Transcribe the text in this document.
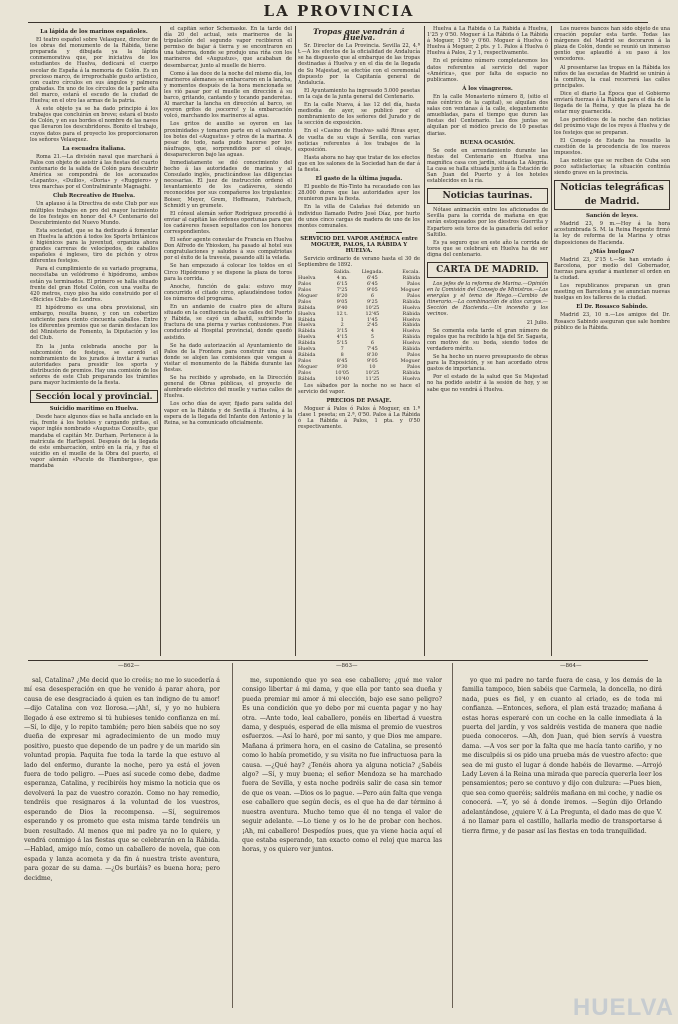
LA PROVINCIA
La lápida de los marinos españoles.

El teatro español sobre Velasquez, director de los obras del monumento de la Rábida, tiene preparada y dibujada ya la lápida conmemorativa que, por iniciativa de los estudiantes de Huelva, dedicará el cuerpo escolar de España á la memoria de Colón. Es un precioso marco, de irreprochable gusto artístico, con cuatro círculos en sus ángulos y palmera grabadas. En uno de los círculos de la parte alta del marco, estará el escudo de la ciudad de Huelva; en el otro las armas de la patria.

Á este objeto ya se ha dado principio á los trabajos que concluirán en breve; estará el busto de Colón, y en sus bordes el nombre de las naves que llevaron los descubridores. Bonito el trabajo, cuyos datos para el proyecto los proporcionaron los señores Velasquez.

La escuadra italiana.

Roma 21.—La división naval que marchará á Palos con objeto de asistir á las fiestas del cuarto centenario de la salida de Colón para descubrir América se compondrá de los acorazados «Lepanto», «Duilio», «Doria» y «Ruggiero» y tres marchas por el Contralmirante Magnaghi.

Club Recreativo de Huelva.

Un aplauso á la Directiva de este Club por sus múltiples trabajos en pro del mayor lucimiento de los festejos en honor del 4.º Centenario del Descubrimiento del Nuevo Mundo.

Esta sociedad, que se ha dedicado á fomentar en Huelva la afición á todos los Sports británicos é higiénicos para la juventud, organiza ahora grandes carreras de velocípedos, de caballos españoles é ingleses, tiro de pichón y otros diferentes festejos.

Para el cumplimiento de su variado programa, necesitaba un velódromo é hipódromo, ambos están ya terminados. El primero se halla situado frente del gran Hotel Colón, con una vuelta de 420 metros, cuyo piso ha sido construido por el «Bicicles Club» de Londres.

El hipódromo es una obra provisional, sin embargo, resulta bueno, y con un cobertizo suficiente para ciento cincuenta caballos. Entre los diferentes premios que se darán destacan los del Ministerio de Fomento, la Diputación y los del Club.

En la junta celebrada anoche por la subcomisión de festejos, se acordó el nombramiento de los jurados á invitar á varias autoridades para presidir los sports y distribución de premios. Hay una comisión de los señores de este Club preparando los trámites para mayor lucimiento de la fiesta.

Sección local y provincial.
Suicidio marítimo en Huelva.

Desde hace algunos días se halla anclado en la ría, frente á los hoteles y cargando piritas, el vapor inglés nombrado «Augustus Consult», que mandaba el capitán Mr. Durham. Pertenece á la matrícula de Hartlepool. Después de la llegada de este embarcación, entró en la ría, y fue el suicidio en el muelle de la Obra del puerto, el vapor alemán «Pucuto de Hamburgos», que mandaba

el capitán señor Schemaske. En la tarde del día 20 del actual, seis marineros de la tripulación del segundo vapor recibieron el permiso de bajar á tierra y se encontraron en una taberna, donde se produjo una riña con los marineros del «Augustus», que acababan de desembarcar, junto al muelle de hierro.

Como á las doce de la noche del mismo día, los marineros alemanes se embarcaron en la lancha, y momentos después de la hora mencionada se les vió pasar por el muelle en dirección á su barco, gritando, cantando y tocando panderetas. Al marchar la lancha en dirección al barco, se oyeron gritos de ¡socorro! y la embarcación volcó, marchando los marineros al agua.

Los gritos de auxilio se oyeron en las proximidades y tomaron parte en el salvamento los botes del «Augustus» y otros de la marina. A pesar de todo, nada pudo hacerse por los náufragos, que, sorprendidos por el oleaje, desaparecieron bajo las aguas.

Inmediatamente se dió conocimiento del hecho á las autoridades de marina y al Consulado inglés, practicándose las diligencias necesarias. El juez de instrucción ordenó el levantamiento de los cadáveres, siendo reconocidos por sus compañeros los tripulantes: Boiser, Meyer, Grem, Hoffmann, Fahrbach, Schmidt y un grumete.

El cónsul alemán señor Rodríguez procedió á enviar al capitán las órdenes oportunas para que los cadáveres fuesen sepultados con los honores correspondientes.

El señor agente consular de Francia en Huelva Don Alfredo de Ybiosken, ha pasado al hotel sus congratulaciones y saludos á sus compatriotas por el éxito de la travesía, pasando allí la velada.

Se han empezado á colocar los toldos en el Circo Hipódromo y se dispone la plaza de toros para la corrida.

Anoche, función de gala: estuvo muy concurrido el citado circo, aplaudiéndose todos los números del programa.

En un andamio de cuatro pies de altura situado en la confluencia de las calles del Puerto y Rábida, se cayó un albañil, sufriendo la fractura de una pierna y varias contusiones. Fue conducido al Hospital provincial, donde quedó asistido.

Se ha dado autorización al Ayuntamiento de Palos de la Frontera para construir una casa donde se alojen las comisiones que vengan á visitar el monumento de la Rábida durante las fiestas.

Se ha recibido y aprobado, en la Dirección general de Obras públicas, el proyecto de alumbrado eléctrico del muelle y varias calles de Huelva.

Los ocho días de ayer, fijado para salida del vapor en la Rábida y de Sevilla á Huelva, á la espera de la llegada del Infante don Antonio y la Reina, se ha comunicado oficialmente.

Tropas que vendrán á Huelva.

Sr. Director de La Provincia. Sevilla 22, 4.ª t.—A los efectos de la oficialidad de Andalucía se ha dispuesto que al embarque de las tropas destinadas á Huelva y en el día de la llegada de Su Majestad, se efectúe con el ceremonial dispuesto por la Capitanía general de Andalucía.

El Ayuntamiento ha ingresado 5.000 pesetas en la caja de la junta general del Centenario.

En la calle Nueva, á las 12 del día, hasta mediodía de ayer, se publicó por el nombramiento de los señores del Jurado y de la sección de exposición.

En el «Casino de Huelva» salió Rivas ayer, de vuelta de su viaje á Sevilla, con varias noticias referentes á los trabajos de la exposición.

Hasta ahora no hay que tratar de los efectos que en los salones de la Sociedad han de dar á la fiesta.

El gasto de la última jugada.

El pueblo de Río-Tinto ha recaudado con las 28.000 duros que las autoridades ayer los reunieron para la fiesta.

En la villa de Calañas fué detenido un individuo llamado Pedro José Díaz, por hurto de unos cinco cargas de madera de uno de los montes comunales.

SERVICIO DEL VAPOR AMÉRICA entre MOGUER, PALOS, LA RÁBIDA Y HUELVA.

Servicio ordinario de verano hasta el 30 de Septiembre de 1892.

	Salida.	Llegada.	Escala.
Huelva	4 m.	6'45	Rábida
Palos	6'15	6'45	Palos
Palos	7'25	9'05	Moguer
Moguer	8'20	6	Palos
Palos	9'05	9'25	Rábida
Rábida	9'40	10'25	Huelva
Huelva	12 t.	12'45	Rábida
Rábida	1	1'45	Huelva
Huelva	2	2'45	Rábida
Rábida	3'15	4	Huelva
Huelva	4'15	5	Rábida
Rábida	5'15	6	Huelva
Huelva	7	7'45	Rábida
Rábida	8	8'30	Palos
Palos	8'45	9'05	Moguer
Moguer	9'30	10	Palos
Palos	10'05	10'25	Rábida
Rábida	10'40	11'25	Huelva

Los sábados por la noche no se hace el servicio del vapor.

PRECIOS DE PASAJE.

Moguer á Palos ó Palos á Moguer, en 1.ª clase 1 peseta; en 2.ª, 0'50. Palos á La Rábida ó La Rábida á Palos, 1 pta. y 0'50 respectivamente.

Huelva á La Rábida ó La Rábida á Huelva, 1'25 y 0'50. Moguer á La Rábida ó La Rábida á Moguer, 1'50 y 0'60. Moguer á Huelva ó Huelva á Moguer, 2 pts. y 1. Palos á Huelva ó Huelva á Palos, 2 y 1, respectivamente.

En el próximo número completaremos los datos referentes al servicio del vapor «América», que por falta de espacio no publicamos.

Á los vinagreros.

En la calle Monasterio número 8, (sitio el más céntrico de la capital), se alquilan dos salas con ventanas á la calle, elegantemente amuebladas, para el tiempo que duren las fiestas del Centenario. Las dos juntas se alquilan por el módico precio de 10 pesetas diarias.

BUENA OCASIÓN.

Se cede en arrendamiento durante las fiestas del Centenario en Huelva una magnífica casa con jardín, situada La Alegría. La casa se halla situada junto á la Estación de San Juan del Puerto y á los hoteles establecidos en la ría.

Noticias taurinas.

Nótase animación entre los aficionados de Sevilla para la corrida de mañana en que serán estoqueados por los diestros Guerrita y Espartero seis toros de la ganadería del señor Saltillo.

Es ya seguro que en este año la corrida de toros que se celebrará en Huelva ha de ser digna del centenario.

CARTA DE MADRID.

Los jefes de la reforma de Marina.—Opinión en la Comisión del Consejo de Ministros.—Las energías y el tema de Riego.—Cambio de itinerario.—La combinación de altos cargos.—Sección de Hacienda.—Un incendio y los vecinos.

21 Julio.

Se comenta esta tarde el gran número de regalos que ha recibido la hija del Sr. Sagasta, con motivo de su boda, siendo todos de verdadero mérito.

Se ha hecho un nuevo presupuesto de obras para la Exposición, y se han acordado otros gastos de importancia.

Por el estado de la salud que Su Majestad no ha podido asistir á la sesión de hoy, y se sabe que no vendrá á Huelva.

Los nuevos bancos han sido objeto de una creación popular esta tarde. Todas las márgenes del Madrid se decoraron á la plaza de Colón, donde se reunió un inmenso gentío que aplaudió á su paso á los vencedores.

Al presentarse las tropas en la Rábida los niños de las escuelas de Madrid se unirán á la comitiva, la cual recorrerá las calles principales.

Dice el diario La Época que el Gobierno enviará fuerzas á la Rábida para el día de la llegada de la Reina, y que la plaza ha de estar muy guarnecida.

Los periódicos de la noche dan noticias del próximo viaje de los reyes á Huelva y de los festejos que se preparan.

El Consejo de Estado ha resuelto la cuestión de la procedencia de los nuevos impuestos.

Las noticias que se reciben de Cuba son poco satisfactorias; la situación continúa siendo grave en la provincia.

Noticias telegráficas de Madrid.
Sanción de leyes.

Madrid 23, 9 m.—Hoy á la hora acostumbrada S. M. la Reina Regente firmó la ley de reforma de la Marina y otras disposiciones de Hacienda.

¿Más huelgas?

Madrid 23, 2'15 t.—Se han enviado á Barcelona, por medio del Gobernador, fuerzas para ayudar á mantener el orden en la ciudad.

Los republicanos preparan un gran meeting en Barcelona y se anuncian nuevas huelgas en los talleres de la ciudad.

El Dr. Rosasco Sabindo.

Madrid 23, 10 n.—Los amigos del Dr. Rosasco Sabindo aseguran que sale hombre público de la Rábida.

—862—	—863—	—864—

sal, Catalina? ¿Me decid que lo creéis; no me lo sucedería á mí esa desesperación en que he venido á parar ahora, por causa de ese desgraciado á quien es tan indigno de tu amor!—dijo Catalina con voz llorosa.—¡Ah!, sí, y yo no hubiera llegado á ese extremo si tú hubieses tenido confianza en mí. —Sí, lo dije, y lo repito también; pero bien sabéis que no soy dueña de expresar mi agradecimiento de un modo muy positivo, puesto que dependo de un padre y de un marido sin voluntad propia. Paquita fue toda la tarde la que estuvo al lado del enfermo, durante la noche, pero ya está el joven fuera de todo peligro. —Pues así sucede como debe, dadme esperanza, Catalina, y recibiréis hoy mismo la noticia que os devolverá la paz de vuestro corazón. Como no hay remedio, tendréis que resignaros á la voluntad de los vuestros, esperando de Dios la recompensa. —Sí, seguiremos esperando y os prometo que esta misma tarde tendréis un buen resultado. Al menos que mi padre ya no lo quiere, y vendrá conmigo á las fiestas que se celebrarán en la Rábida. —Hablad, amigo mío, como un caballero de novela, que con espada y lanza acometa y da fin á nuestra triste aventura, para gozar de su dama. —¿Os burláis? es buena hora; pero decidme,

me, suponiendo que yo sea ese caballero; ¿qué me valor consigo libertar á mi dama, y que ella por tanto sea dueña y pueda premiar mi amor á mi elección, bajo ese sano peligro? Es una condición que yo debo por mi cuenta pagar y no hay otra. —Ante todo, leal caballero, ponéis en libertad á vuestra dama, y después, esperad de ella misma el premio de vuestros esfuerzos. —Así lo haré, por mi santo, y que Dios me ampare. Mañana á primera hora, en el casino de Catalina, se presentó como lo había prometido, y su visita no fue infructuosa para la causa. —¿Qué hay? ¿Tenéis ahora ya alguna noticia? ¿Sabéis algo? —Sí, y muy buena; el señor Mendoza se ha marchado fuera de Sevilla, y esta noche podréis salir de casa sin temor de que os vean. —Dios os lo pague. —Pero aún falta que venga ese caballero que según decís, es el que ha de dar término á nuestra aventura. Mucho temo que él no tenga el valor de seguir adelante. —Lo tiene y os lo he de probar con hechos. ¡Ah, mi caballero! Despedíos pues, que ya viene hacia aquí el que estaba esperando, tan exacto como el reloj que marca las horas, y os quiero ver juntos.

yo que mi padre no tarde fuera de casa, y los demás de la familia tampoco, bien sabéis que Carmela, la doncella, no dirá nada, pues es fiel, y en cuanto al criado, es de toda mi confianza. —Entonces, señora, el plan está trazado; mañana á estas horas esperaré con un coche en la calle inmediata á la puerta del jardín, y vos saldréis vestida de manera que nadie pueda conoceros. —Ah, don Juan, qué bien servís á vuestra dama. —A vos ser por la falta que me hacía tanto cariño, y no me disculpéis si os pido una prueba más de vuestro afecto: que sea de mi gusto el lugar á donde habéis de llevarme. —Arrojó Lady Leven á la Reina una mirada que parecía quererla leer los pensamientos; pero se contuvo y dijo con dulzura: —Pues bien, que sea como queréis; saldréis mañana en mi coche, y nadie os conocerá. —Y, yo sé á donde iremos. —Según dijo Orlando adelantándose, ¿quiere V. á La Pregunta, el dado mas de que V. á no llamar para el castillo, hallarla medio de transportarse á tierra firme, y de pasar así las fiestas en toda tranquilidad.

HUELVA
